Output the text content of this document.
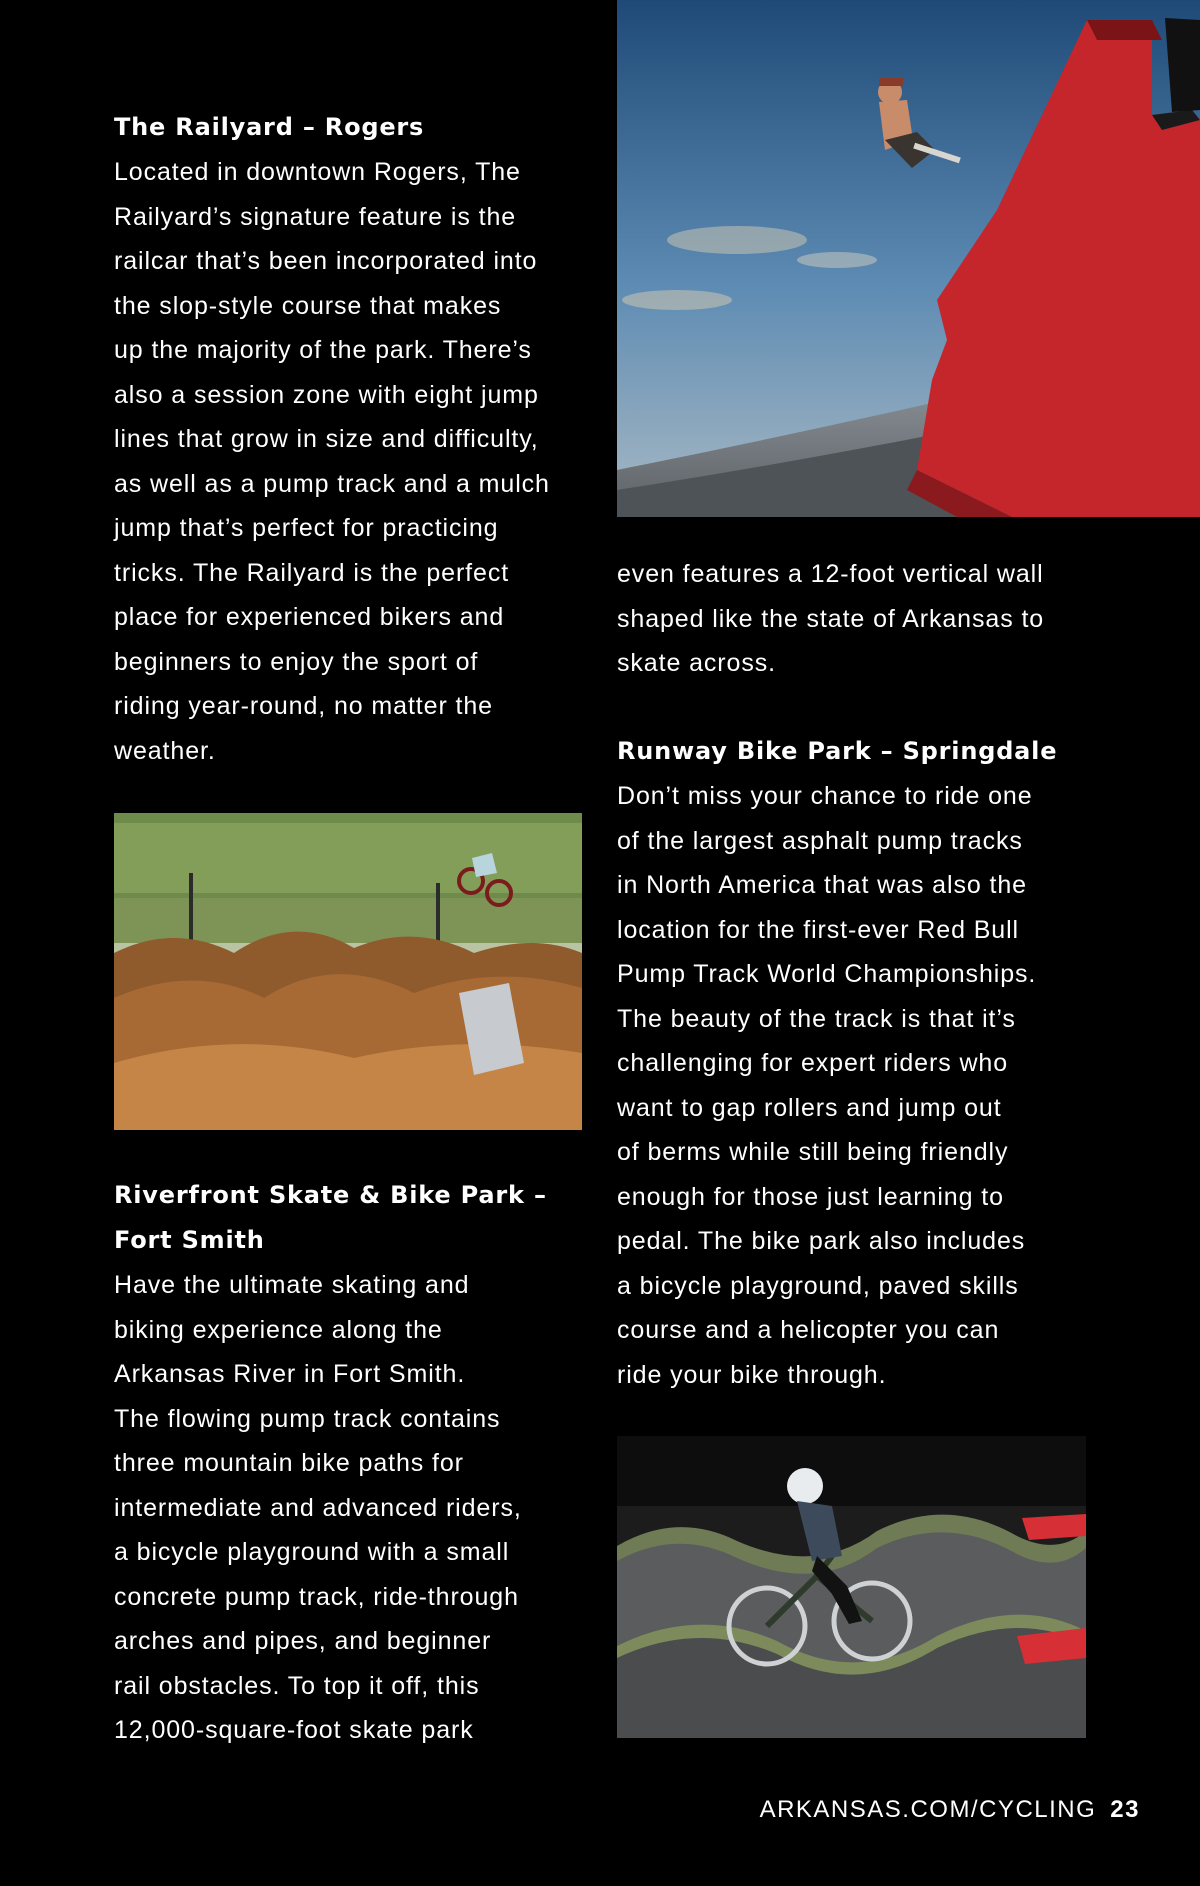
The Railyard – Rogers

Located in downtown Rogers, The
Railyard’s signature feature is the
railcar that’s been incorporated into
the slop-style course that makes
up the majority of the park. There’s
also a session zone with eight jump
lines that grow in size and difficulty,
as well as a pump track and a mulch
jump that’s perfect for practicing
tricks. The Railyard is the perfect
place for experienced bikers and
beginners to enjoy the sport of
riding year-round, no matter the
weather.

Riverfront Skate & Bike Park –
Fort Smith

Have the ultimate skating and
biking experience along the
Arkansas River in Fort Smith.
The flowing pump track contains
three mountain bike paths for
intermediate and advanced riders,
a bicycle playground with a small
concrete pump track, ride-through
arches and pipes, and beginner
rail obstacles. To top it off, this
12,000-square-foot skate park

even features a 12-foot vertical wall
shaped like the state of Arkansas to
skate across.

Runway Bike Park – Springdale

Don’t miss your chance to ride one
of the largest asphalt pump tracks
in North America that was also the
location for the first-ever Red Bull
Pump Track World Championships.
The beauty of the track is that it’s
challenging for expert riders who
want to gap rollers and jump out
of berms while still being friendly
enough for those just learning to
pedal. The bike park also includes
a bicycle playground, paved skills
course and a helicopter you can
ride your bike through.

ARKANSAS.COM/CYCLING 23
